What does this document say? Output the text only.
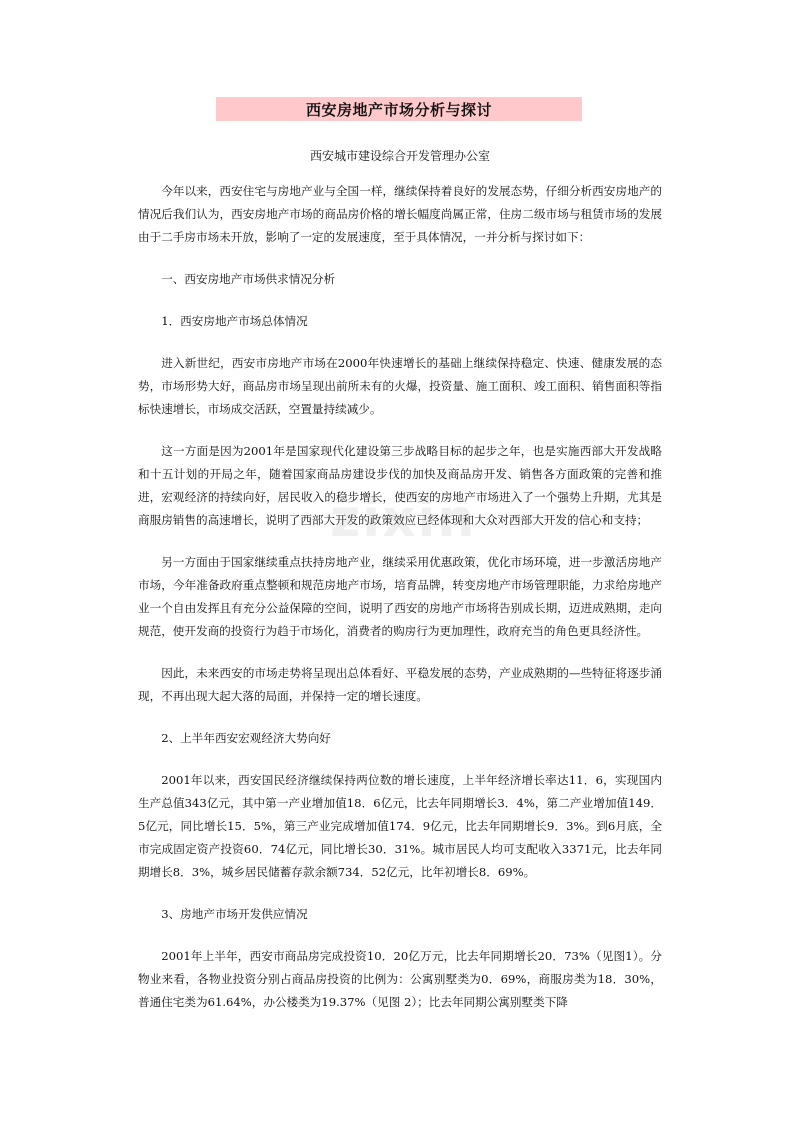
西安房地产市场分析与探讨
西安城市建设综合开发管理办公室

今年以来，西安住宅与房地产业与全国一样，继续保持着良好的发展态势，仔细分析西安房地产的情况后我们认为，西安房地产市场的商品房价格的增长幅度尚属正常，住房二级市场与租赁市场的发展由于二手房市场未开放，影响了一定的发展速度，至于具体情况，一并分析与探讨如下：

一、西安房地产市场供求情况分析

1．西安房地产市场总体情况

进入新世纪，西安市房地产市场在2000年快速增长的基础上继续保持稳定、快速、健康发展的态势，市场形势大好，商品房市场呈现出前所未有的火爆，投资量、施工面积、竣工面积、销售面积等指标快速增长，市场成交活跃，空置量持续减少。

这一方面是因为2001年是国家现代化建设第三步战略目标的起步之年，也是实施西部大开发战略和十五计划的开局之年，随着国家商品房建设步伐的加快及商品房开发、销售各方面政策的完善和推进，宏观经济的持续向好，居民收入的稳步增长，使西安的房地产市场进入了一个强势上升期，尤其是商服房销售的高速增长，说明了西部大开发的政策效应已经体现和大众对西部大开发的信心和支持；

另一方面由于国家继续重点扶持房地产业，继续采用优惠政策，优化市场环境，进一步激活房地产市场，今年准备政府重点整顿和规范房地产市场，培育品牌，转变房地产市场管理职能，力求给房地产业一个自由发挥且有充分公益保障的空间，说明了西安的房地产市场将告别成长期，迈进成熟期，走向规范，使开发商的投资行为趋于市场化，消费者的购房行为更加理性，政府充当的角色更具经济性。

因此，未来西安的市场走势将呈现出总体看好、平稳发展的态势，产业成熟期的—些特征将逐步涌现，不再出现大起大落的局面，并保持一定的增长速度。

2、上半年西安宏观经济大势向好

2001年以来，西安国民经济继续保持两位数的增长速度，上半年经济增长率达11．6，实现国内生产总值343亿元，其中第一产业增加值18．6亿元，比去年同期增长3．4%，第二产业增加值149．5亿元，同比增长15．5%，第三产业完成增加值174．9亿元，比去年同期增长9．3%。到6月底，全市完成固定资产投资60．74亿元，同比增长30．31%。城市居民人均可支配收入3371元，比去年同期增长8．3%，城乡居民储蓄存款余额734．52亿元，比年初增长8．69%。

3、房地产市场开发供应情况

2001年上半年，西安市商品房完成投资10．20亿万元，比去年同期增长20．73%（见图1）。分物业来看，各物业投资分别占商品房投资的比例为：公寓别墅类为0．69%，商服房类为18．30%，普通住宅类为61.64%，办公楼类为19.37%（见图 2）；比去年同期公寓别墅类下降

zixin
